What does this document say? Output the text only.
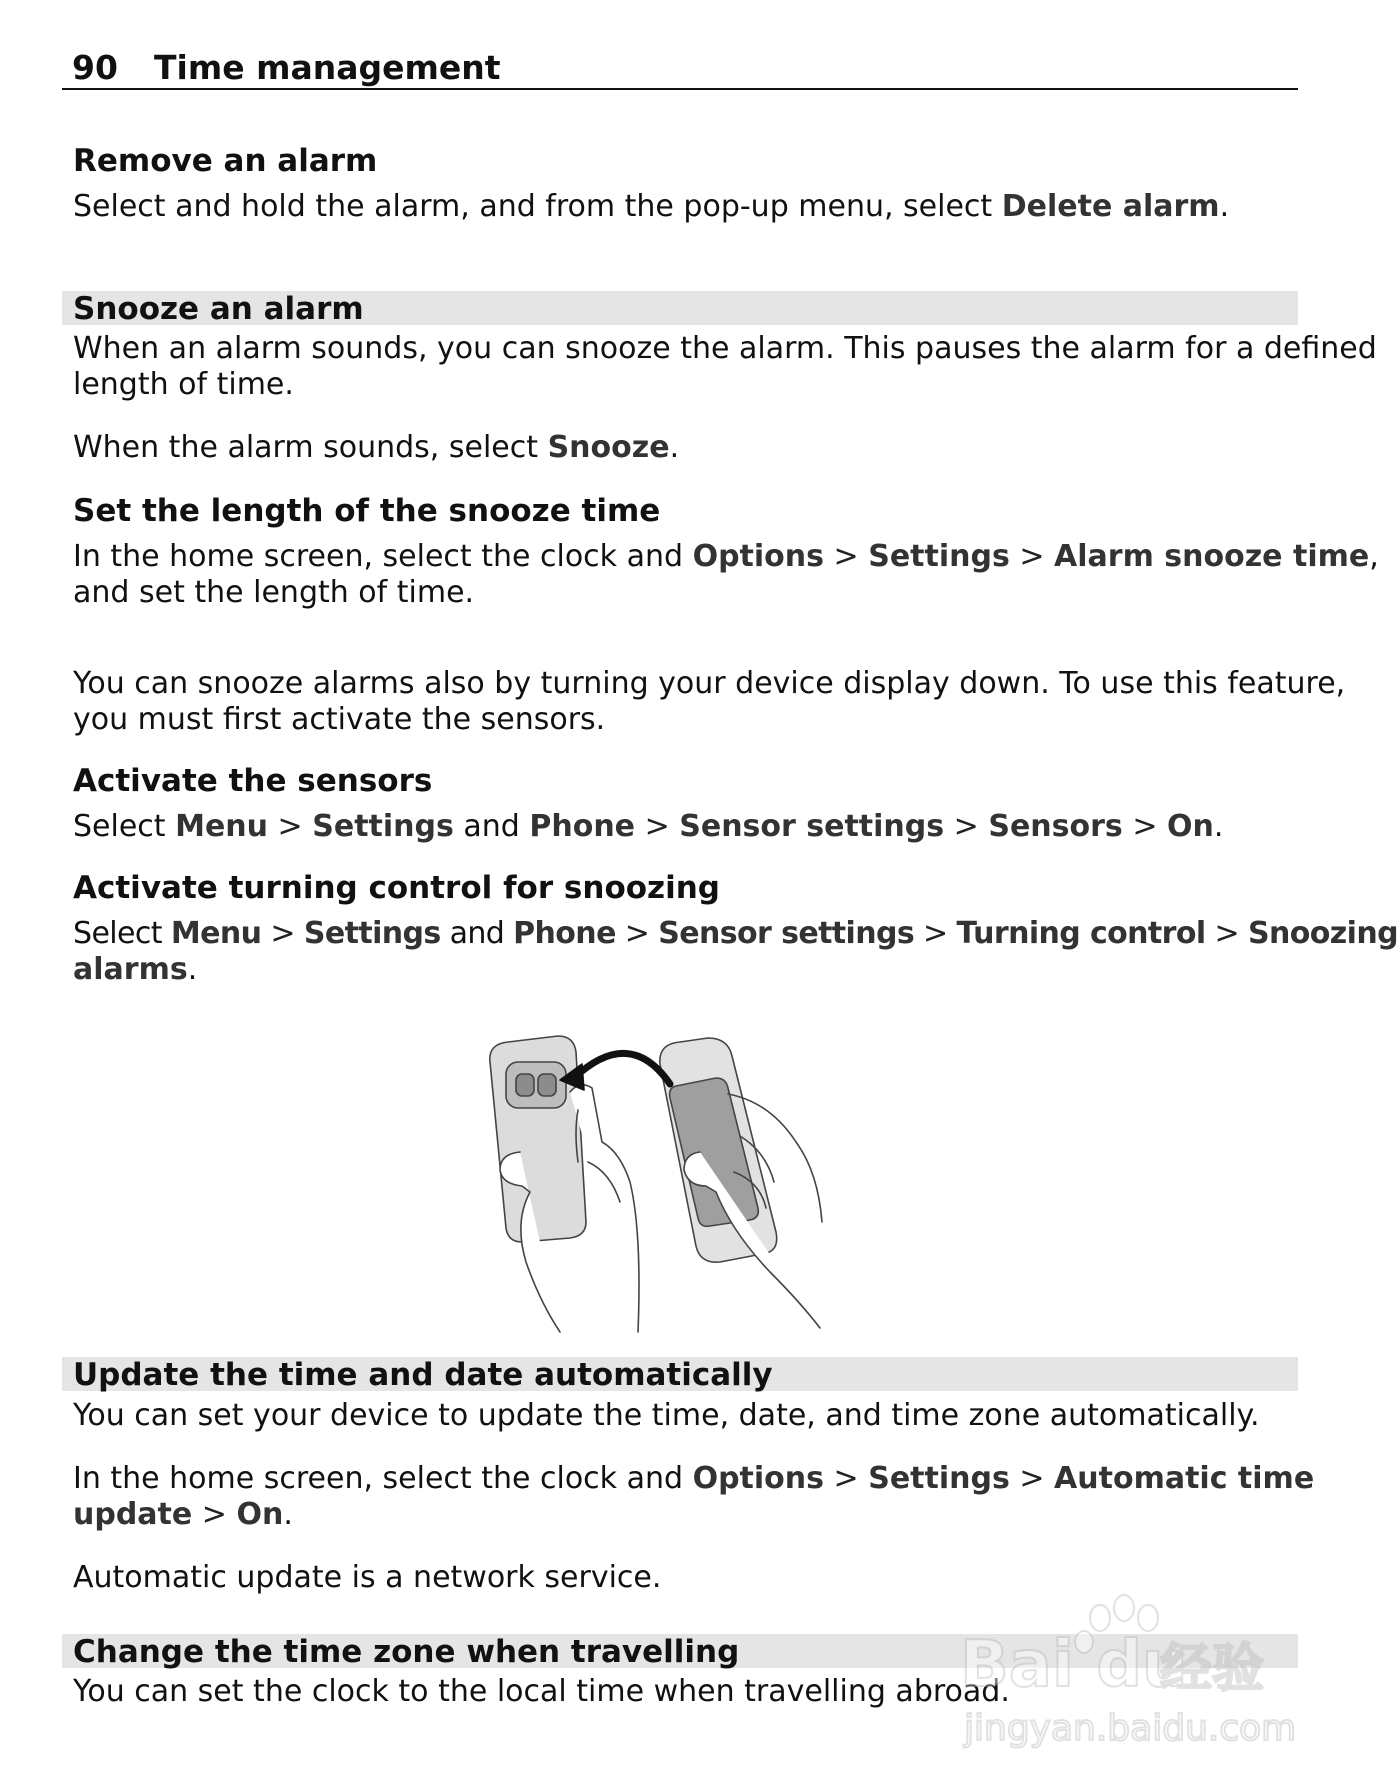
90 Time management
Remove an alarm
Select and hold the alarm, and from the pop-up menu, select Delete alarm.
Snooze an alarm
When an alarm sounds, you can snooze the alarm. This pauses the alarm for a defined
length of time.
When the alarm sounds, select Snooze.
Set the length of the snooze time
In the home screen, select the clock and Options > Settings > Alarm snooze time,
and set the length of time.
You can snooze alarms also by turning your device display down. To use this feature,
you must first activate the sensors.
Activate the sensors
Select Menu > Settings and Phone > Sensor settings > Sensors > On.
Activate turning control for snoozing
Select Menu > Settings and Phone > Sensor settings > Turning control > Snoozing
alarms.
Update the time and date automatically
You can set your device to update the time, date, and time zone automatically.
In the home screen, select the clock and Options > Settings > Automatic time
update > On.
Automatic update is a network service.
Change the time zone when travelling
You can set the clock to the local time when travelling abroad.
Bai du
经验
jingyan.baidu.com
